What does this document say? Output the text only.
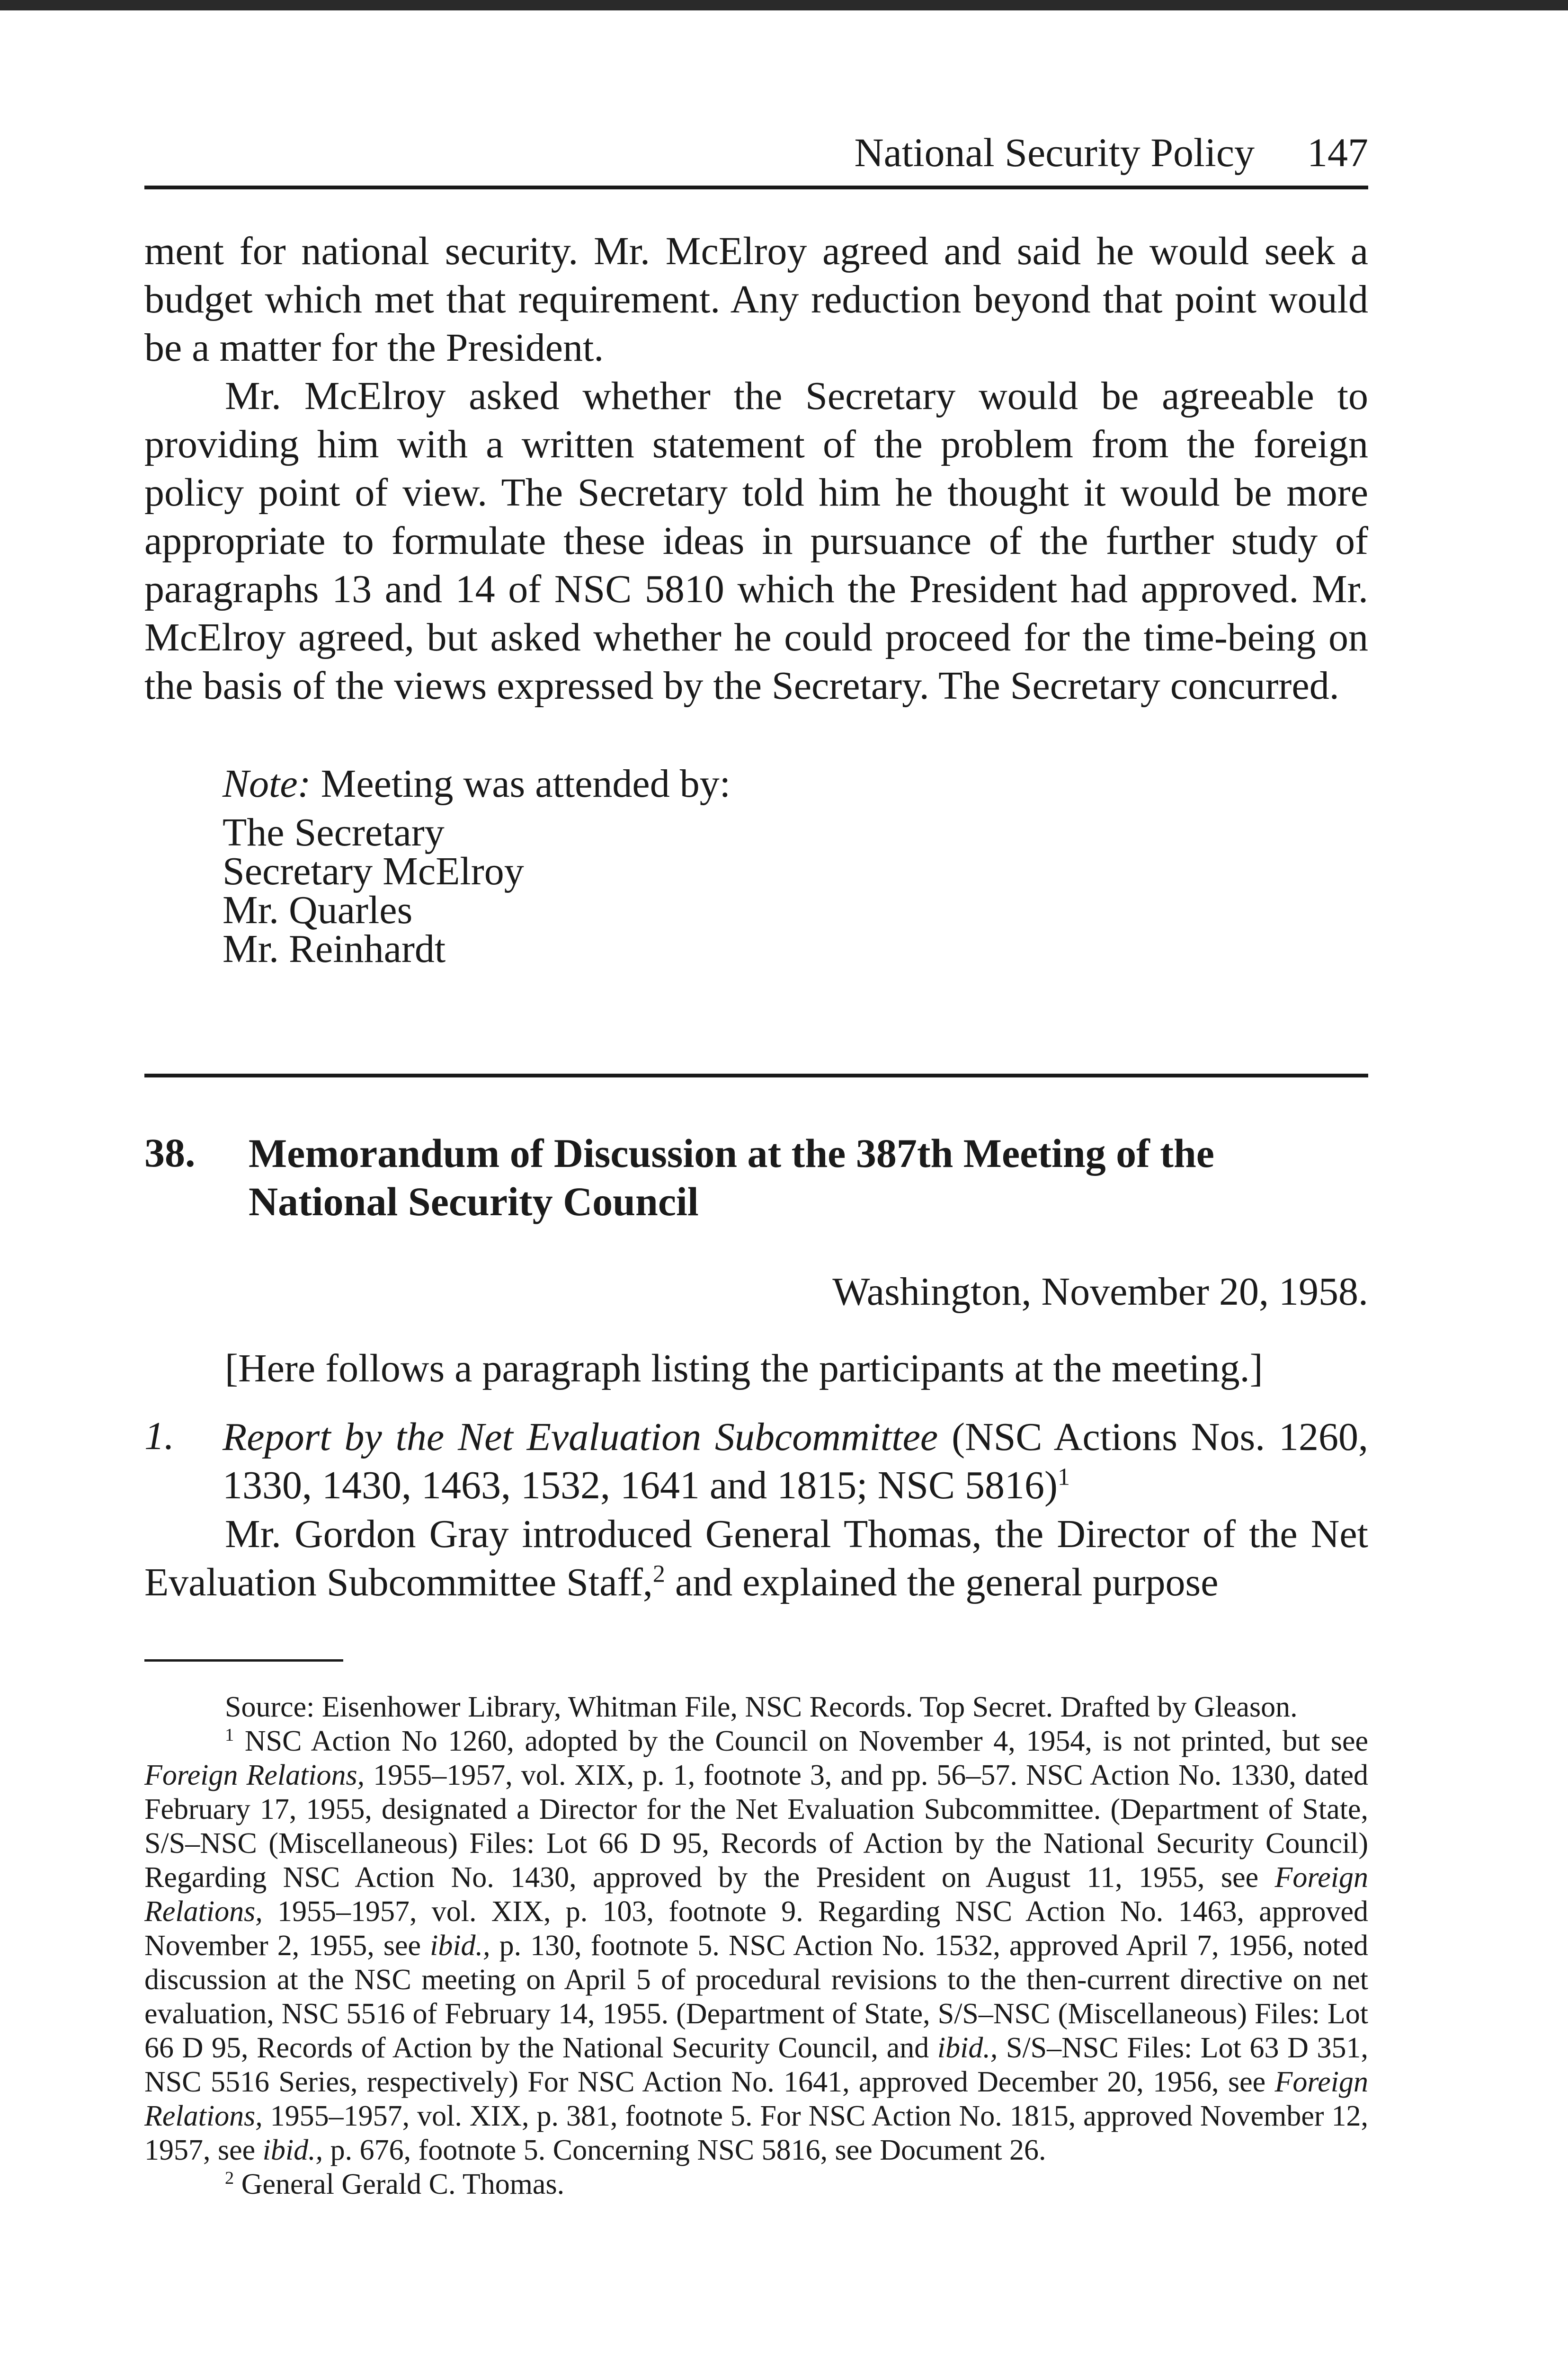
National Security Policy 147

ment for national security. Mr. McElroy agreed and said he would seek a budget which met that requirement. Any reduction beyond that point would be a matter for the President.

Mr. McElroy asked whether the Secretary would be agreeable to providing him with a written statement of the problem from the foreign policy point of view. The Secretary told him he thought it would be more appropriate to formulate these ideas in pursuance of the further study of paragraphs 13 and 14 of NSC 5810 which the President had approved. Mr. McElroy agreed, but asked whether he could proceed for the time-being on the basis of the views expressed by the Secretary. The Secretary concurred.

Note: Meeting was attended by:
The Secretary
Secretary McElroy
Mr. Quarles
Mr. Reinhardt
38. Memorandum of Discussion at the 387th Meeting of the National Security Council
Washington, November 20, 1958.

[Here follows a paragraph listing the participants at the meeting.]

1. Report by the Net Evaluation Subcommittee (NSC Actions Nos. 1260, 1330, 1430, 1463, 1532, 1641 and 1815; NSC 5816)$^1$

Mr. Gordon Gray introduced General Thomas, the Director of the Net Evaluation Subcommittee Staff,$^2$ and explained the general purpose

Source: Eisenhower Library, Whitman File, NSC Records. Top Secret. Drafted by Gleason.

$^1$ NSC Action No 1260, adopted by the Council on November 4, 1954, is not printed, but see Foreign Relations, 1955–1957, vol. XIX, p. 1, footnote 3, and pp. 56–57. NSC Action No. 1330, dated February 17, 1955, designated a Director for the Net Evaluation Subcommittee. (Department of State, S/S–NSC (Miscellaneous) Files: Lot 66 D 95, Records of Action by the National Security Council) Regarding NSC Action No. 1430, approved by the President on August 11, 1955, see Foreign Relations, 1955–1957, vol. XIX, p. 103, footnote 9. Regarding NSC Action No. 1463, approved November 2, 1955, see ibid., p. 130, footnote 5. NSC Action No. 1532, approved April 7, 1956, noted discussion at the NSC meeting on April 5 of procedural revisions to the then-current directive on net evaluation, NSC 5516 of February 14, 1955. (Department of State, S/S–NSC (Miscellaneous) Files: Lot 66 D 95, Records of Action by the National Security Council, and ibid., S/S–NSC Files: Lot 63 D 351, NSC 5516 Series, respectively) For NSC Action No. 1641, approved December 20, 1956, see Foreign Relations, 1955–1957, vol. XIX, p. 381, footnote 5. For NSC Action No. 1815, approved November 12, 1957, see ibid., p. 676, footnote 5. Concerning NSC 5816, see Document 26.

$^2$ General Gerald C. Thomas.
